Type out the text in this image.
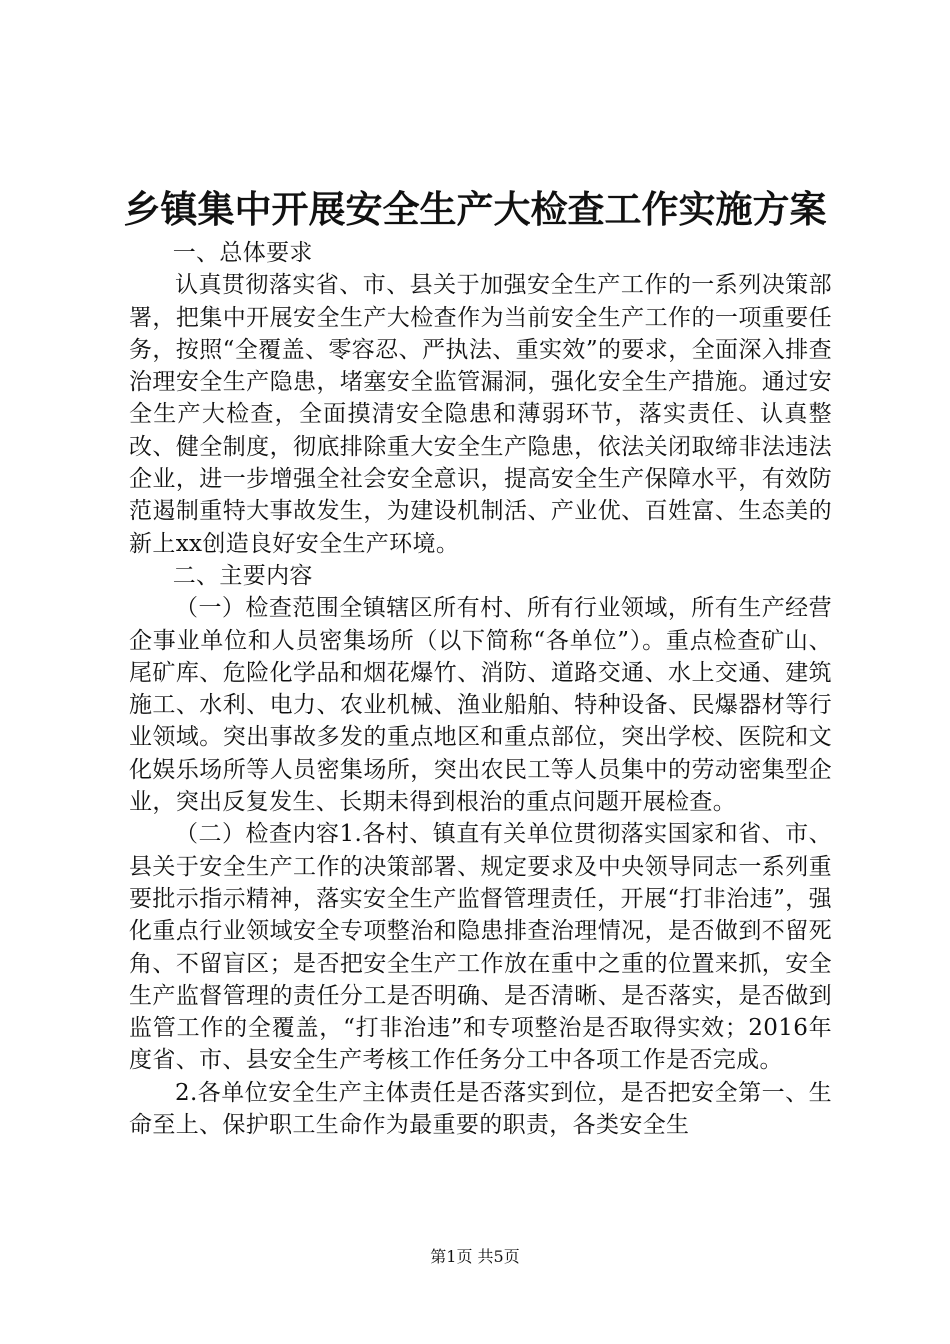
乡镇集中开展安全生产大检查工作实施方案

一、总体要求

认真贯彻落实省、市、县关于加强安全生产工作的一系列决策部署，把集中开展安全生产大检查作为当前安全生产工作的一项重要任务，按照“全覆盖、零容忍、严执法、重实效”的要求，全面深入排查治理安全生产隐患，堵塞安全监管漏洞，强化安全生产措施。通过安全生产大检查，全面摸清安全隐患和薄弱环节，落实责任、认真整改、健全制度，彻底排除重大安全生产隐患，依法关闭取缔非法违法企业，进一步增强全社会安全意识，提高安全生产保障水平，有效防范遏制重特大事故发生，为建设机制活、产业优、百姓富、生态美的新上xx创造良好安全生产环境。

二、主要内容

（一）检查范围全镇辖区所有村、所有行业领域，所有生产经营企事业单位和人员密集场所（以下简称“各单位”）。重点检查矿山、尾矿库、危险化学品和烟花爆竹、消防、道路交通、水上交通、建筑施工、水利、电力、农业机械、渔业船舶、特种设备、民爆器材等行业领域。突出事故多发的重点地区和重点部位，突出学校、医院和文化娱乐场所等人员密集场所，突出农民工等人员集中的劳动密集型企业，突出反复发生、长期未得到根治的重点问题开展检查。

（二）检查内容1.各村、镇直有关单位贯彻落实国家和省、市、县关于安全生产工作的决策部署、规定要求及中央领导同志一系列重要批示指示精神，落实安全生产监督管理责任，开展“打非治违”，强化重点行业领域安全专项整治和隐患排查治理情况，是否做到不留死角、不留盲区；是否把安全生产工作放在重中之重的位置来抓，安全生产监督管理的责任分工是否明确、是否清晰、是否落实，是否做到监管工作的全覆盖，“打非治违”和专项整治是否取得实效；2016年度省、市、县安全生产考核工作任务分工中各项工作是否完成。

2.各单位安全生产主体责任是否落实到位，是否把安全第一、生命至上、保护职工生命作为最重要的职责，各类安全生

第1页 共5页
